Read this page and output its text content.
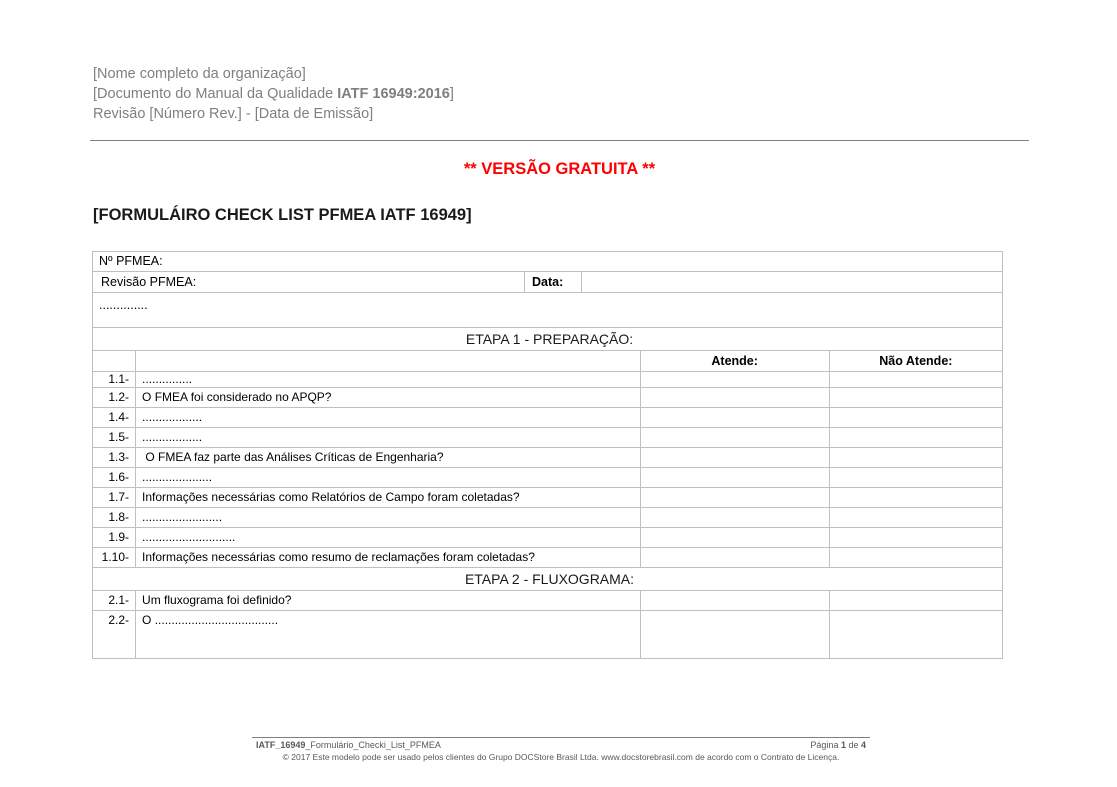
[Nome completo da organização]
[Documento do Manual da Qualidade IATF 16949:2016]
Revisão [Número Rev.] - [Data de Emissão]
** VERSÃO GRATUITA **
[FORMULÁIRO CHECK LIST PFMEA IATF 16949]
Nº PFMEA:			

Revisão PFMEA: Data:			

..............			
ETAPA 1 - PREPARAÇÃO:			
		Atende:	Não Atende:
1.1-	...............		
1.2-	O FMEA foi considerado no APQP?		
1.4-	..................		
1.5-	..................		
1.3-	O FMEA faz parte das Análises Críticas de Engenharia?		
1.6-	.....................		
1.7-	Informações necessárias como Relatórios de Campo foram coletadas?		
1.8-	........................		
1.9-	............................		
1.10-	Informações necessárias como resumo de reclamações foram coletadas?		
ETAPA 2 - FLUXOGRAMA:			
2.1-	Um fluxograma foi definido?		
2.2-	O .....................................		
IATF_16949_Formulário_Checki_List_PFMEA	Página 1 de 4
© 2017 Este modelo pode ser usado pelos clientes do Grupo DOCStore Brasil Ltda. www.docstorebrasil.com de acordo com o Contrato de Licença.
